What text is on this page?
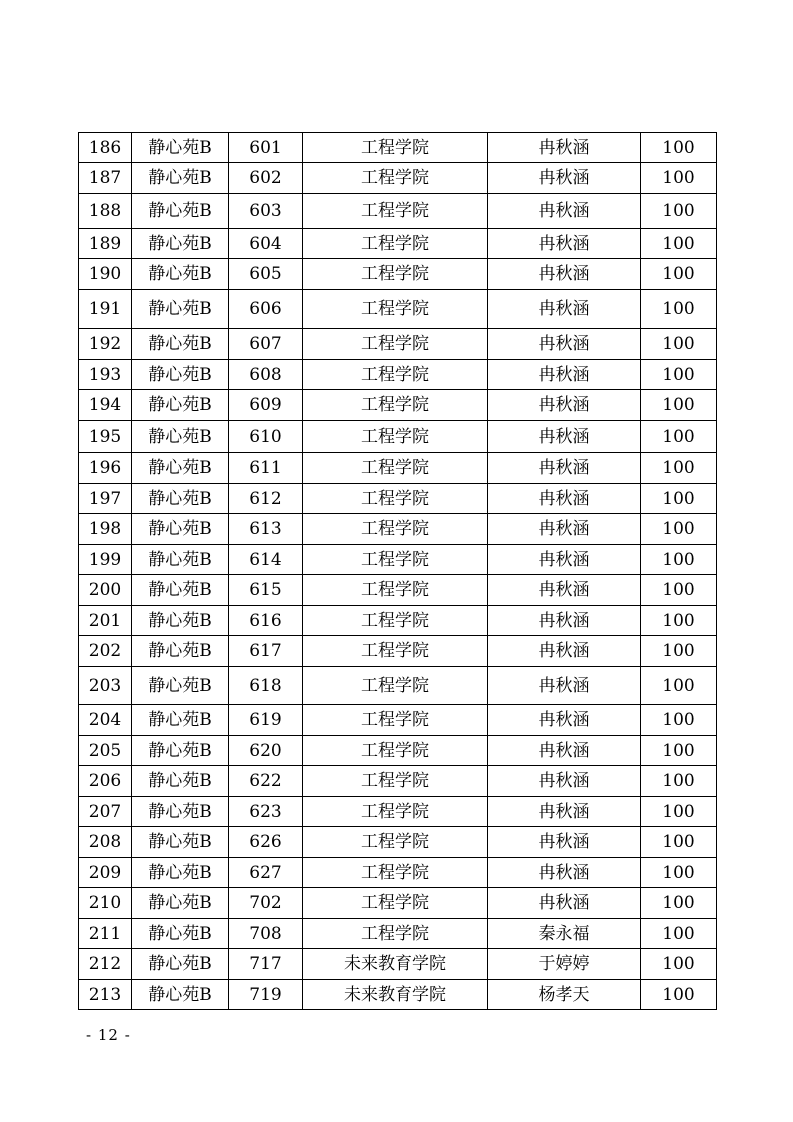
186	静心苑B	601	工程学院	冉秋涵	100
187	静心苑B	602	工程学院	冉秋涵	100
188	静心苑B	603	工程学院	冉秋涵	100
189	静心苑B	604	工程学院	冉秋涵	100
190	静心苑B	605	工程学院	冉秋涵	100
191	静心苑B	606	工程学院	冉秋涵	100
192	静心苑B	607	工程学院	冉秋涵	100
193	静心苑B	608	工程学院	冉秋涵	100
194	静心苑B	609	工程学院	冉秋涵	100
195	静心苑B	610	工程学院	冉秋涵	100
196	静心苑B	611	工程学院	冉秋涵	100
197	静心苑B	612	工程学院	冉秋涵	100
198	静心苑B	613	工程学院	冉秋涵	100
199	静心苑B	614	工程学院	冉秋涵	100
200	静心苑B	615	工程学院	冉秋涵	100
201	静心苑B	616	工程学院	冉秋涵	100
202	静心苑B	617	工程学院	冉秋涵	100
203	静心苑B	618	工程学院	冉秋涵	100
204	静心苑B	619	工程学院	冉秋涵	100
205	静心苑B	620	工程学院	冉秋涵	100
206	静心苑B	622	工程学院	冉秋涵	100
207	静心苑B	623	工程学院	冉秋涵	100
208	静心苑B	626	工程学院	冉秋涵	100
209	静心苑B	627	工程学院	冉秋涵	100
210	静心苑B	702	工程学院	冉秋涵	100
211	静心苑B	708	工程学院	秦永福	100
212	静心苑B	717	未来教育学院	于婷婷	100
213	静心苑B	719	未来教育学院	杨孝天	100
- 12 -
